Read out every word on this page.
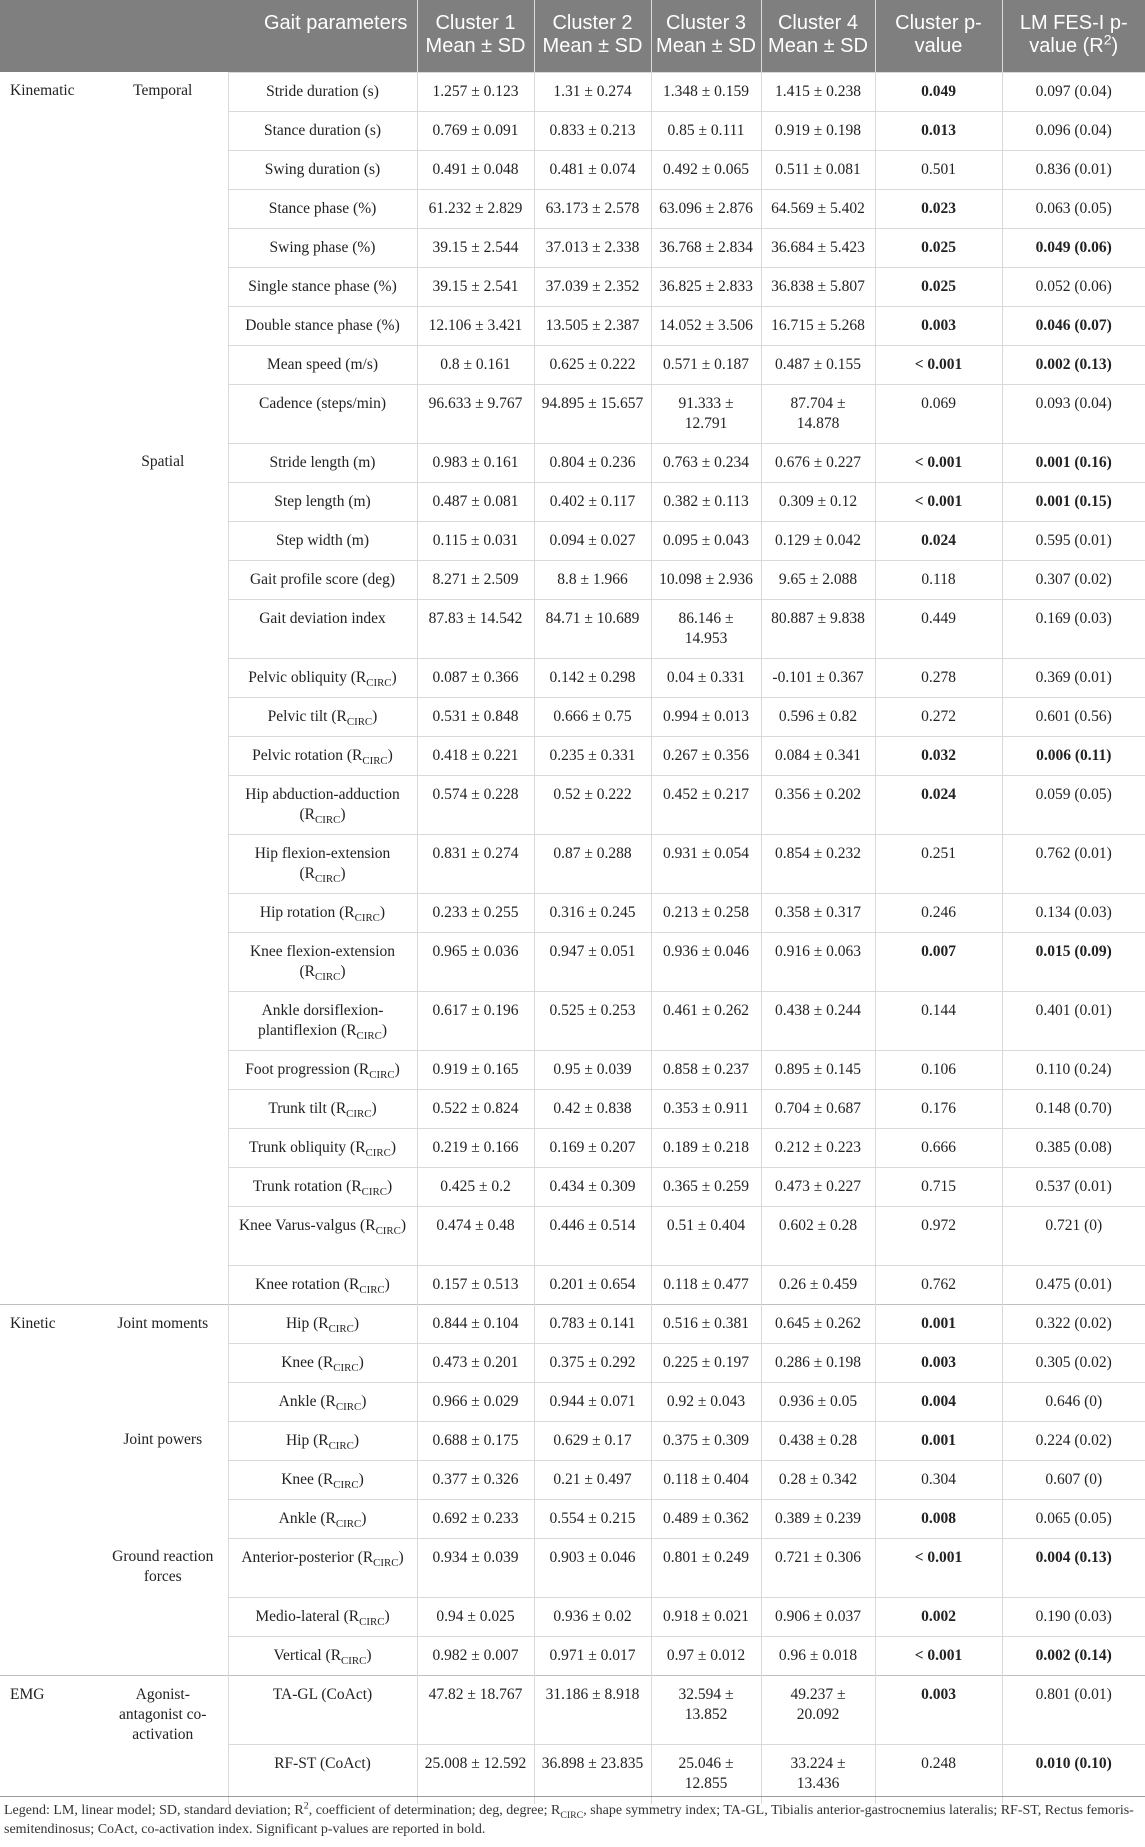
		Gait parameters	Cluster 1 Mean ± SD	Cluster 2 Mean ± SD	Cluster 3 Mean ± SD	Cluster 4 Mean ± SD	Cluster p-value	LM FES-I p-value $(R^2)$
Kinematic	Temporal	Stride duration (s)	1.257 ± 0.123	1.31 ± 0.274	1.348 ± 0.159	1.415 ± 0.238	0.049	0.097 (0.04)
		Stance duration (s)	0.769 ± 0.091	0.833 ± 0.213	0.85 ± 0.111	0.919 ± 0.198	0.013	0.096 (0.04)
		Swing duration (s)	0.491 ± 0.048	0.481 ± 0.074	0.492 ± 0.065	0.511 ± 0.081	0.501	0.836 (0.01)
		Stance phase (%)	61.232 ± 2.829	63.173 ± 2.578	63.096 ± 2.876	64.569 ± 5.402	0.023	0.063 (0.05)
		Swing phase (%)	39.15 ± 2.544	37.013 ± 2.338	36.768 ± 2.834	36.684 ± 5.423	0.025	0.049 (0.06)
		Single stance phase (%)	39.15 ± 2.541	37.039 ± 2.352	36.825 ± 2.833	36.838 ± 5.807	0.025	0.052 (0.06)
		Double stance phase (%)	12.106 ± 3.421	13.505 ± 2.387	14.052 ± 3.506	16.715 ± 5.268	0.003	0.046 (0.07)
		Mean speed (m/s)	0.8 ± 0.161	0.625 ± 0.222	0.571 ± 0.187	0.487 ± 0.155	< 0.001	0.002 (0.13)
		Cadence (steps/min)	96.633 ± 9.767	94.895 ± 15.657	91.333 ± 12.791	87.704 ± 14.878	0.069	0.093 (0.04)
	Spatial	Stride length (m)	0.983 ± 0.161	0.804 ± 0.236	0.763 ± 0.234	0.676 ± 0.227	< 0.001	0.001 (0.16)
		Step length (m)	0.487 ± 0.081	0.402 ± 0.117	0.382 ± 0.113	0.309 ± 0.12	< 0.001	0.001 (0.15)
		Step width (m)	0.115 ± 0.031	0.094 ± 0.027	0.095 ± 0.043	0.129 ± 0.042	0.024	0.595 (0.01)
		Gait profile score (deg)	8.271 ± 2.509	8.8 ± 1.966	10.098 ± 2.936	9.65 ± 2.088	0.118	0.307 (0.02)
		Gait deviation index	87.83 ± 14.542	84.71 ± 10.689	86.146 ± 14.953	80.887 ± 9.838	0.449	0.169 (0.03)
		Pelvic obliquity $(R_{CIRC})$	0.087 ± 0.366	0.142 ± 0.298	0.04 ± 0.331	-0.101 ± 0.367	0.278	0.369 (0.01)
		Pelvic tilt $(R_{CIRC})$	0.531 ± 0.848	0.666 ± 0.75	0.994 ± 0.013	0.596 ± 0.82	0.272	0.601 (0.56)
		Pelvic rotation $(R_{CIRC})$	0.418 ± 0.221	0.235 ± 0.331	0.267 ± 0.356	0.084 ± 0.341	0.032	0.006 (0.11)
		Hip abduction-adduction $(R_{CIRC})$	0.574 ± 0.228	0.52 ± 0.222	0.452 ± 0.217	0.356 ± 0.202	0.024	0.059 (0.05)
		Hip flexion-extension $(R_{CIRC})$	0.831 ± 0.274	0.87 ± 0.288	0.931 ± 0.054	0.854 ± 0.232	0.251	0.762 (0.01)
		Hip rotation $(R_{CIRC})$	0.233 ± 0.255	0.316 ± 0.245	0.213 ± 0.258	0.358 ± 0.317	0.246	0.134 (0.03)
		Knee flexion-extension $(R_{CIRC})$	0.965 ± 0.036	0.947 ± 0.051	0.936 ± 0.046	0.916 ± 0.063	0.007	0.015 (0.09)
		Ankle dorsiflexion-plantiflexion $(R_{CIRC})$	0.617 ± 0.196	0.525 ± 0.253	0.461 ± 0.262	0.438 ± 0.244	0.144	0.401 (0.01)
		Foot progression $(R_{CIRC})$	0.919 ± 0.165	0.95 ± 0.039	0.858 ± 0.237	0.895 ± 0.145	0.106	0.110 (0.24)
		Trunk tilt $(R_{CIRC})$	0.522 ± 0.824	0.42 ± 0.838	0.353 ± 0.911	0.704 ± 0.687	0.176	0.148 (0.70)
		Trunk obliquity $(R_{CIRC})$	0.219 ± 0.166	0.169 ± 0.207	0.189 ± 0.218	0.212 ± 0.223	0.666	0.385 (0.08)
		Trunk rotation $(R_{CIRC})$	0.425 ± 0.2	0.434 ± 0.309	0.365 ± 0.259	0.473 ± 0.227	0.715	0.537 (0.01)
		Knee Varus-valgus $(R_{CIRC})$	0.474 ± 0.48	0.446 ± 0.514	0.51 ± 0.404	0.602 ± 0.28	0.972	0.721 (0)
		Knee rotation $(R_{CIRC})$	0.157 ± 0.513	0.201 ± 0.654	0.118 ± 0.477	0.26 ± 0.459	0.762	0.475 (0.01)
Kinetic	Joint moments	Hip $(R_{CIRC})$	0.844 ± 0.104	0.783 ± 0.141	0.516 ± 0.381	0.645 ± 0.262	0.001	0.322 (0.02)
		Knee $(R_{CIRC})$	0.473 ± 0.201	0.375 ± 0.292	0.225 ± 0.197	0.286 ± 0.198	0.003	0.305 (0.02)
		Ankle $(R_{CIRC})$	0.966 ± 0.029	0.944 ± 0.071	0.92 ± 0.043	0.936 ± 0.05	0.004	0.646 (0)
	Joint powers	Hip $(R_{CIRC})$	0.688 ± 0.175	0.629 ± 0.17	0.375 ± 0.309	0.438 ± 0.28	0.001	0.224 (0.02)
		Knee $(R_{CIRC})$	0.377 ± 0.326	0.21 ± 0.497	0.118 ± 0.404	0.28 ± 0.342	0.304	0.607 (0)
		Ankle $(R_{CIRC})$	0.692 ± 0.233	0.554 ± 0.215	0.489 ± 0.362	0.389 ± 0.239	0.008	0.065 (0.05)
	Ground reaction forces	Anterior-posterior $(R_{CIRC})$	0.934 ± 0.039	0.903 ± 0.046	0.801 ± 0.249	0.721 ± 0.306	< 0.001	0.004 (0.13)
		Medio-lateral $(R_{CIRC})$	0.94 ± 0.025	0.936 ± 0.02	0.918 ± 0.021	0.906 ± 0.037	0.002	0.190 (0.03)
		Vertical $(R_{CIRC})$	0.982 ± 0.007	0.971 ± 0.017	0.97 ± 0.012	0.96 ± 0.018	< 0.001	0.002 (0.14)
EMG	Agonist-antagonist co-activation	TA-GL (CoAct)	47.82 ± 18.767	31.186 ± 8.918	32.594 ± 13.852	49.237 ± 20.092	0.003	0.801 (0.01)
		RF-ST (CoAct)	25.008 ± 12.592	36.898 ± 23.835	25.046 ± 12.855	33.224 ± 13.436	0.248	0.010 (0.10)
Legend: LM, linear model; SD, standard deviation; $R^2$, coefficient of determination; deg, degree; $R_{CIRC}$, shape symmetry index; TA-GL, Tibialis anterior-gastrocnemius lateralis; RF-ST, Rectus femoris-semitendinosus; CoAct, co-activation index. Significant p-values are reported in bold.
